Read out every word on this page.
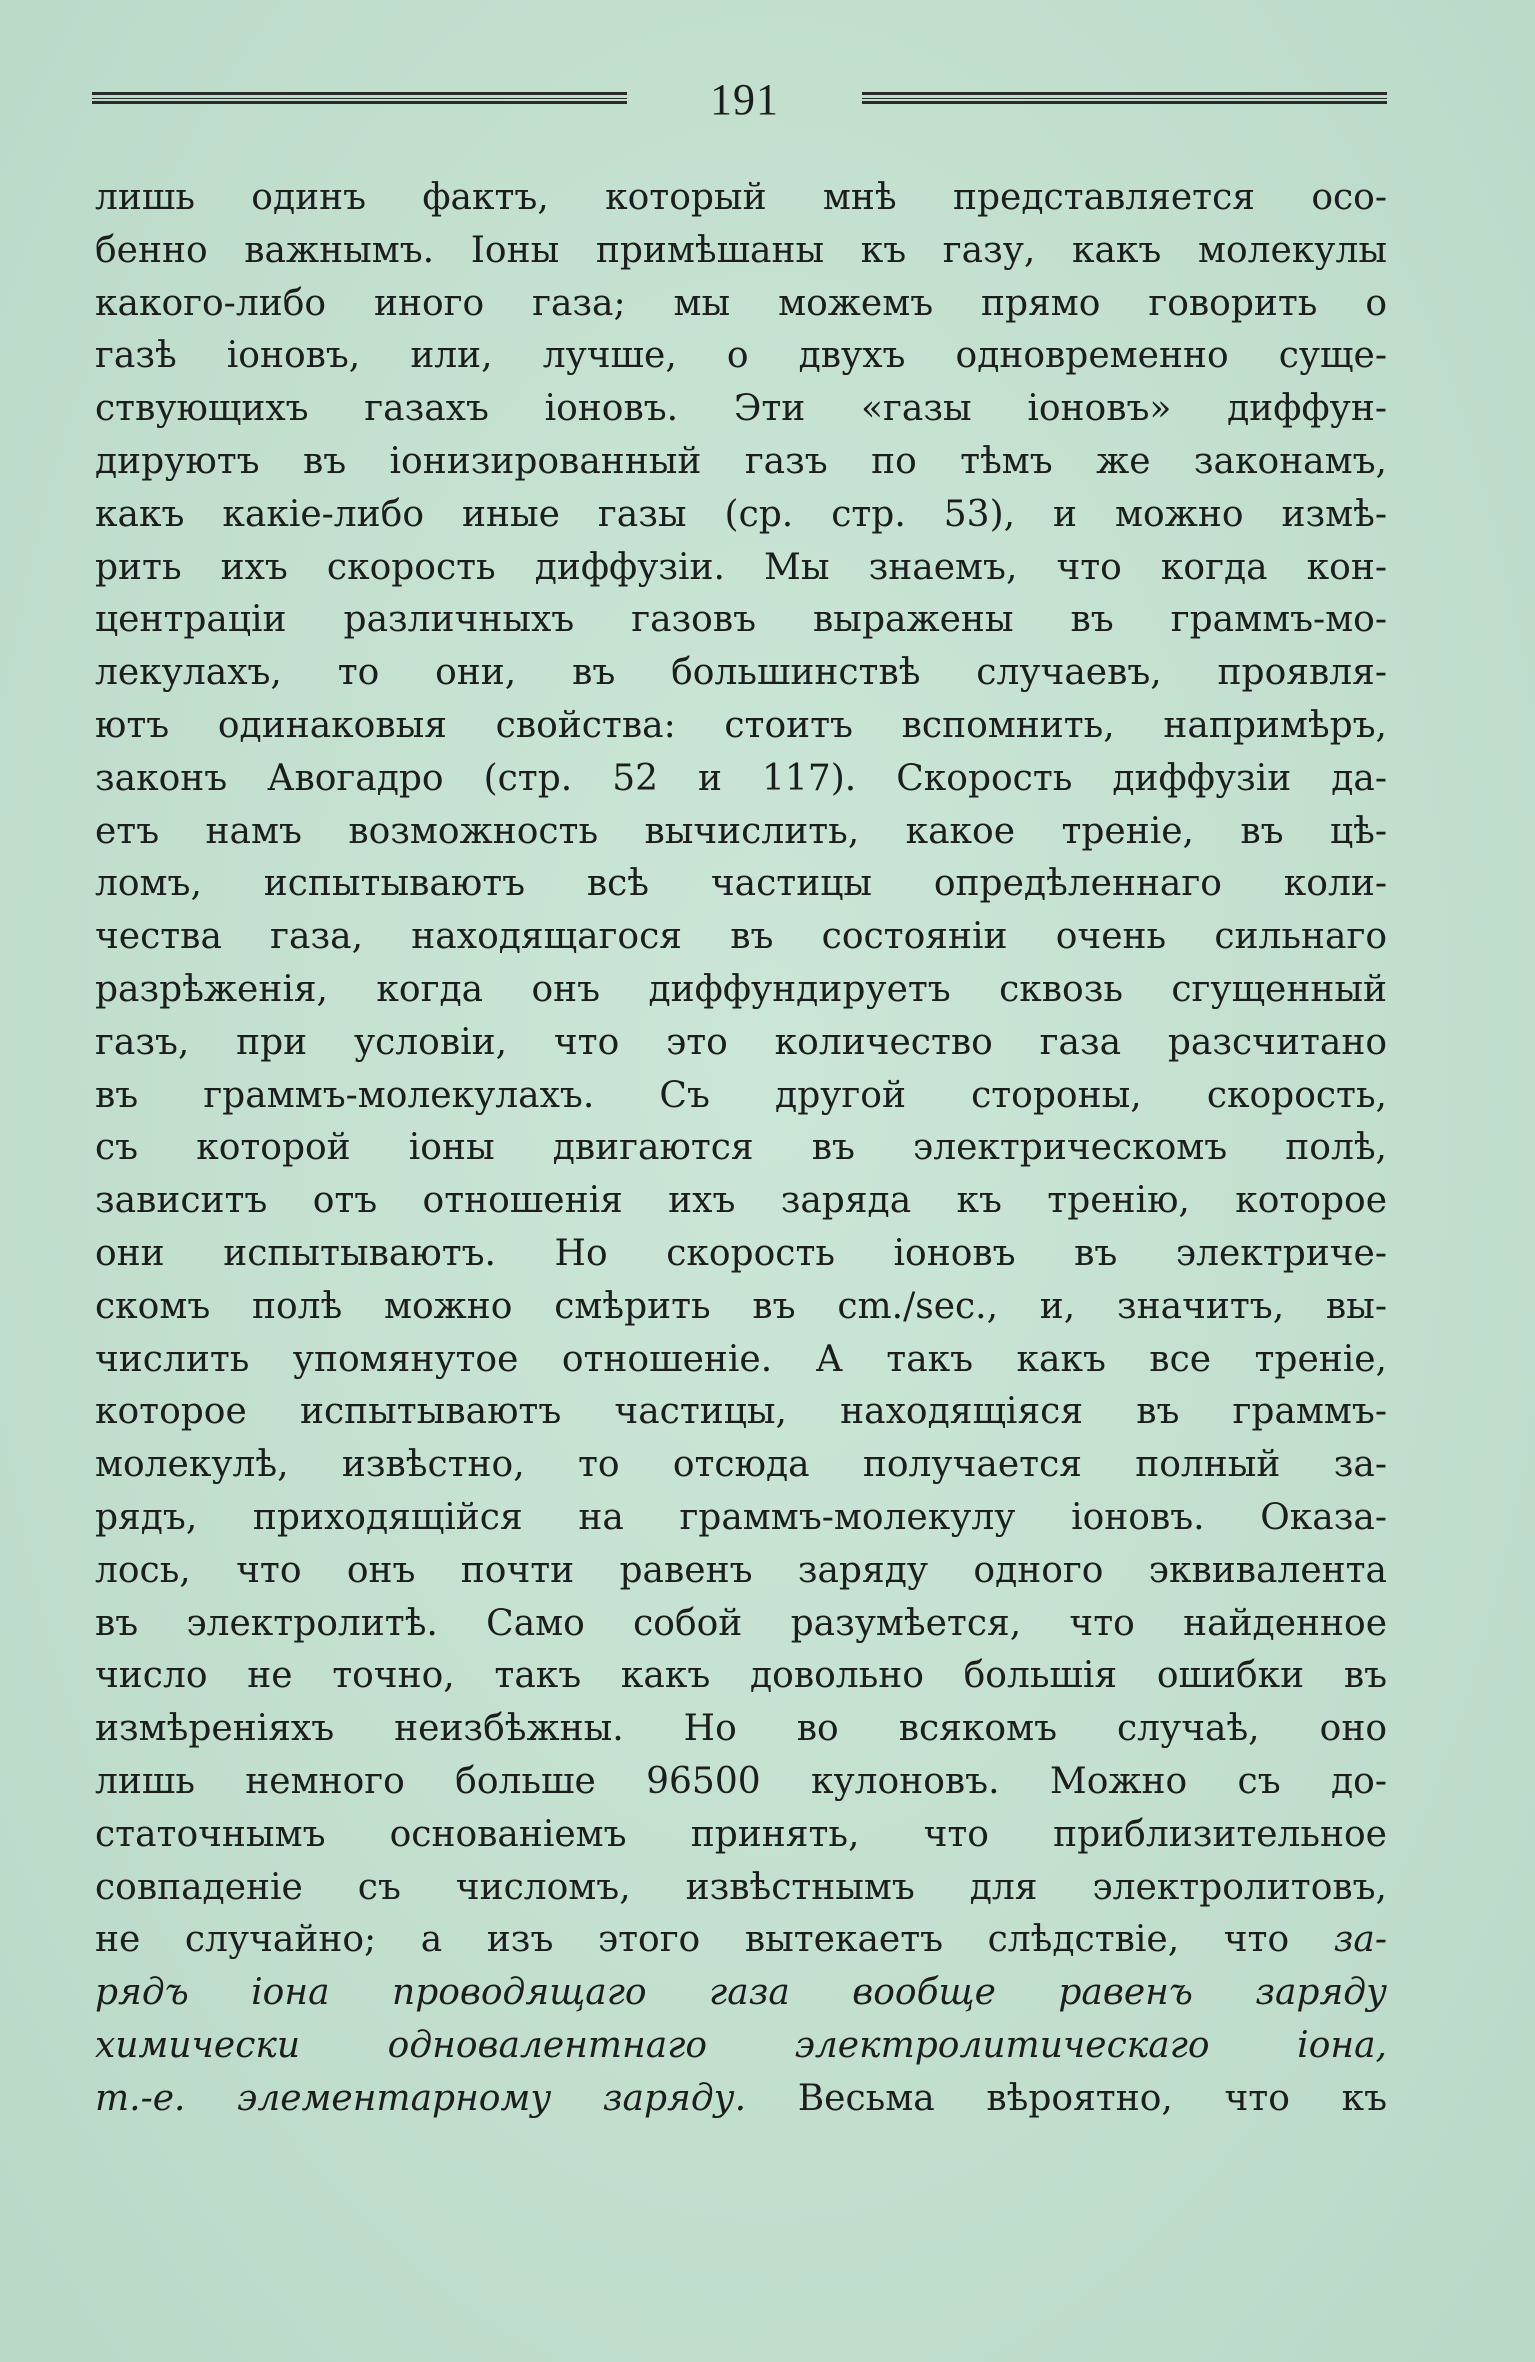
191
лишь одинъ фактъ, который мнѣ представляется осо-
бенно важнымъ. Іоны примѣшаны къ газу, какъ молекулы
какого-либо иного газа; мы можемъ прямо говорить о
газѣ іоновъ, или, лучше, о двухъ одновременно суще-
ствующихъ газахъ іоновъ. Эти «газы іоновъ» диффун-
дируютъ въ іонизированный газъ по тѣмъ же законамъ,
какъ какіе-либо иные газы (ср. стр. 53), и можно измѣ-
рить ихъ скорость диффузіи. Мы знаемъ, что когда кон-
центраціи различныхъ газовъ выражены въ граммъ-мо-
лекулахъ, то они, въ большинствѣ случаевъ, проявля-
ютъ одинаковыя свойства: стоитъ вспомнить, напримѣръ,
законъ Авогадро (стр. 52 и 117). Скорость диффузіи да-
етъ намъ возможность вычислить, какое треніе, въ цѣ-
ломъ, испытываютъ всѣ частицы опредѣленнаго коли-
чества газа, находящагося въ состояніи очень сильнаго
разрѣженія, когда онъ диффундируетъ сквозь сгущенный
газъ, при условіи, что это количество газа разсчитано
въ граммъ-молекулахъ. Съ другой стороны, скорость,
съ которой іоны двигаются въ электрическомъ полѣ,
зависитъ отъ отношенія ихъ заряда къ тренію, которое
они испытываютъ. Но скорость іоновъ въ электриче-
скомъ полѣ можно смѣрить въ cm./sec., и, значитъ, вы-
числить упомянутое отношеніе. А такъ какъ все треніе,
которое испытываютъ частицы, находящіяся въ граммъ-
молекулѣ, извѣстно, то отсюда получается полный за-
рядъ, приходящійся на граммъ-молекулу іоновъ. Оказа-
лось, что онъ почти равенъ заряду одного эквивалента
въ электролитѣ. Само собой разумѣется, что найденное
число не точно, такъ какъ довольно большія ошибки въ
измѣреніяхъ неизбѣжны. Но во всякомъ случаѣ, оно
лишь немного больше 96500 кулоновъ. Можно съ до-
статочнымъ основаніемъ принять, что приблизительное
совпаденіе съ числомъ, извѣстнымъ для электролитовъ,
не случайно; а изъ этого вытекаетъ слѣдствіе, что за-
рядъ іона проводящаго газа вообще равенъ заряду
химически одновалентнаго электролитическаго іона,
т.-е. элементарному заряду. Весьма вѣроятно, что къ
